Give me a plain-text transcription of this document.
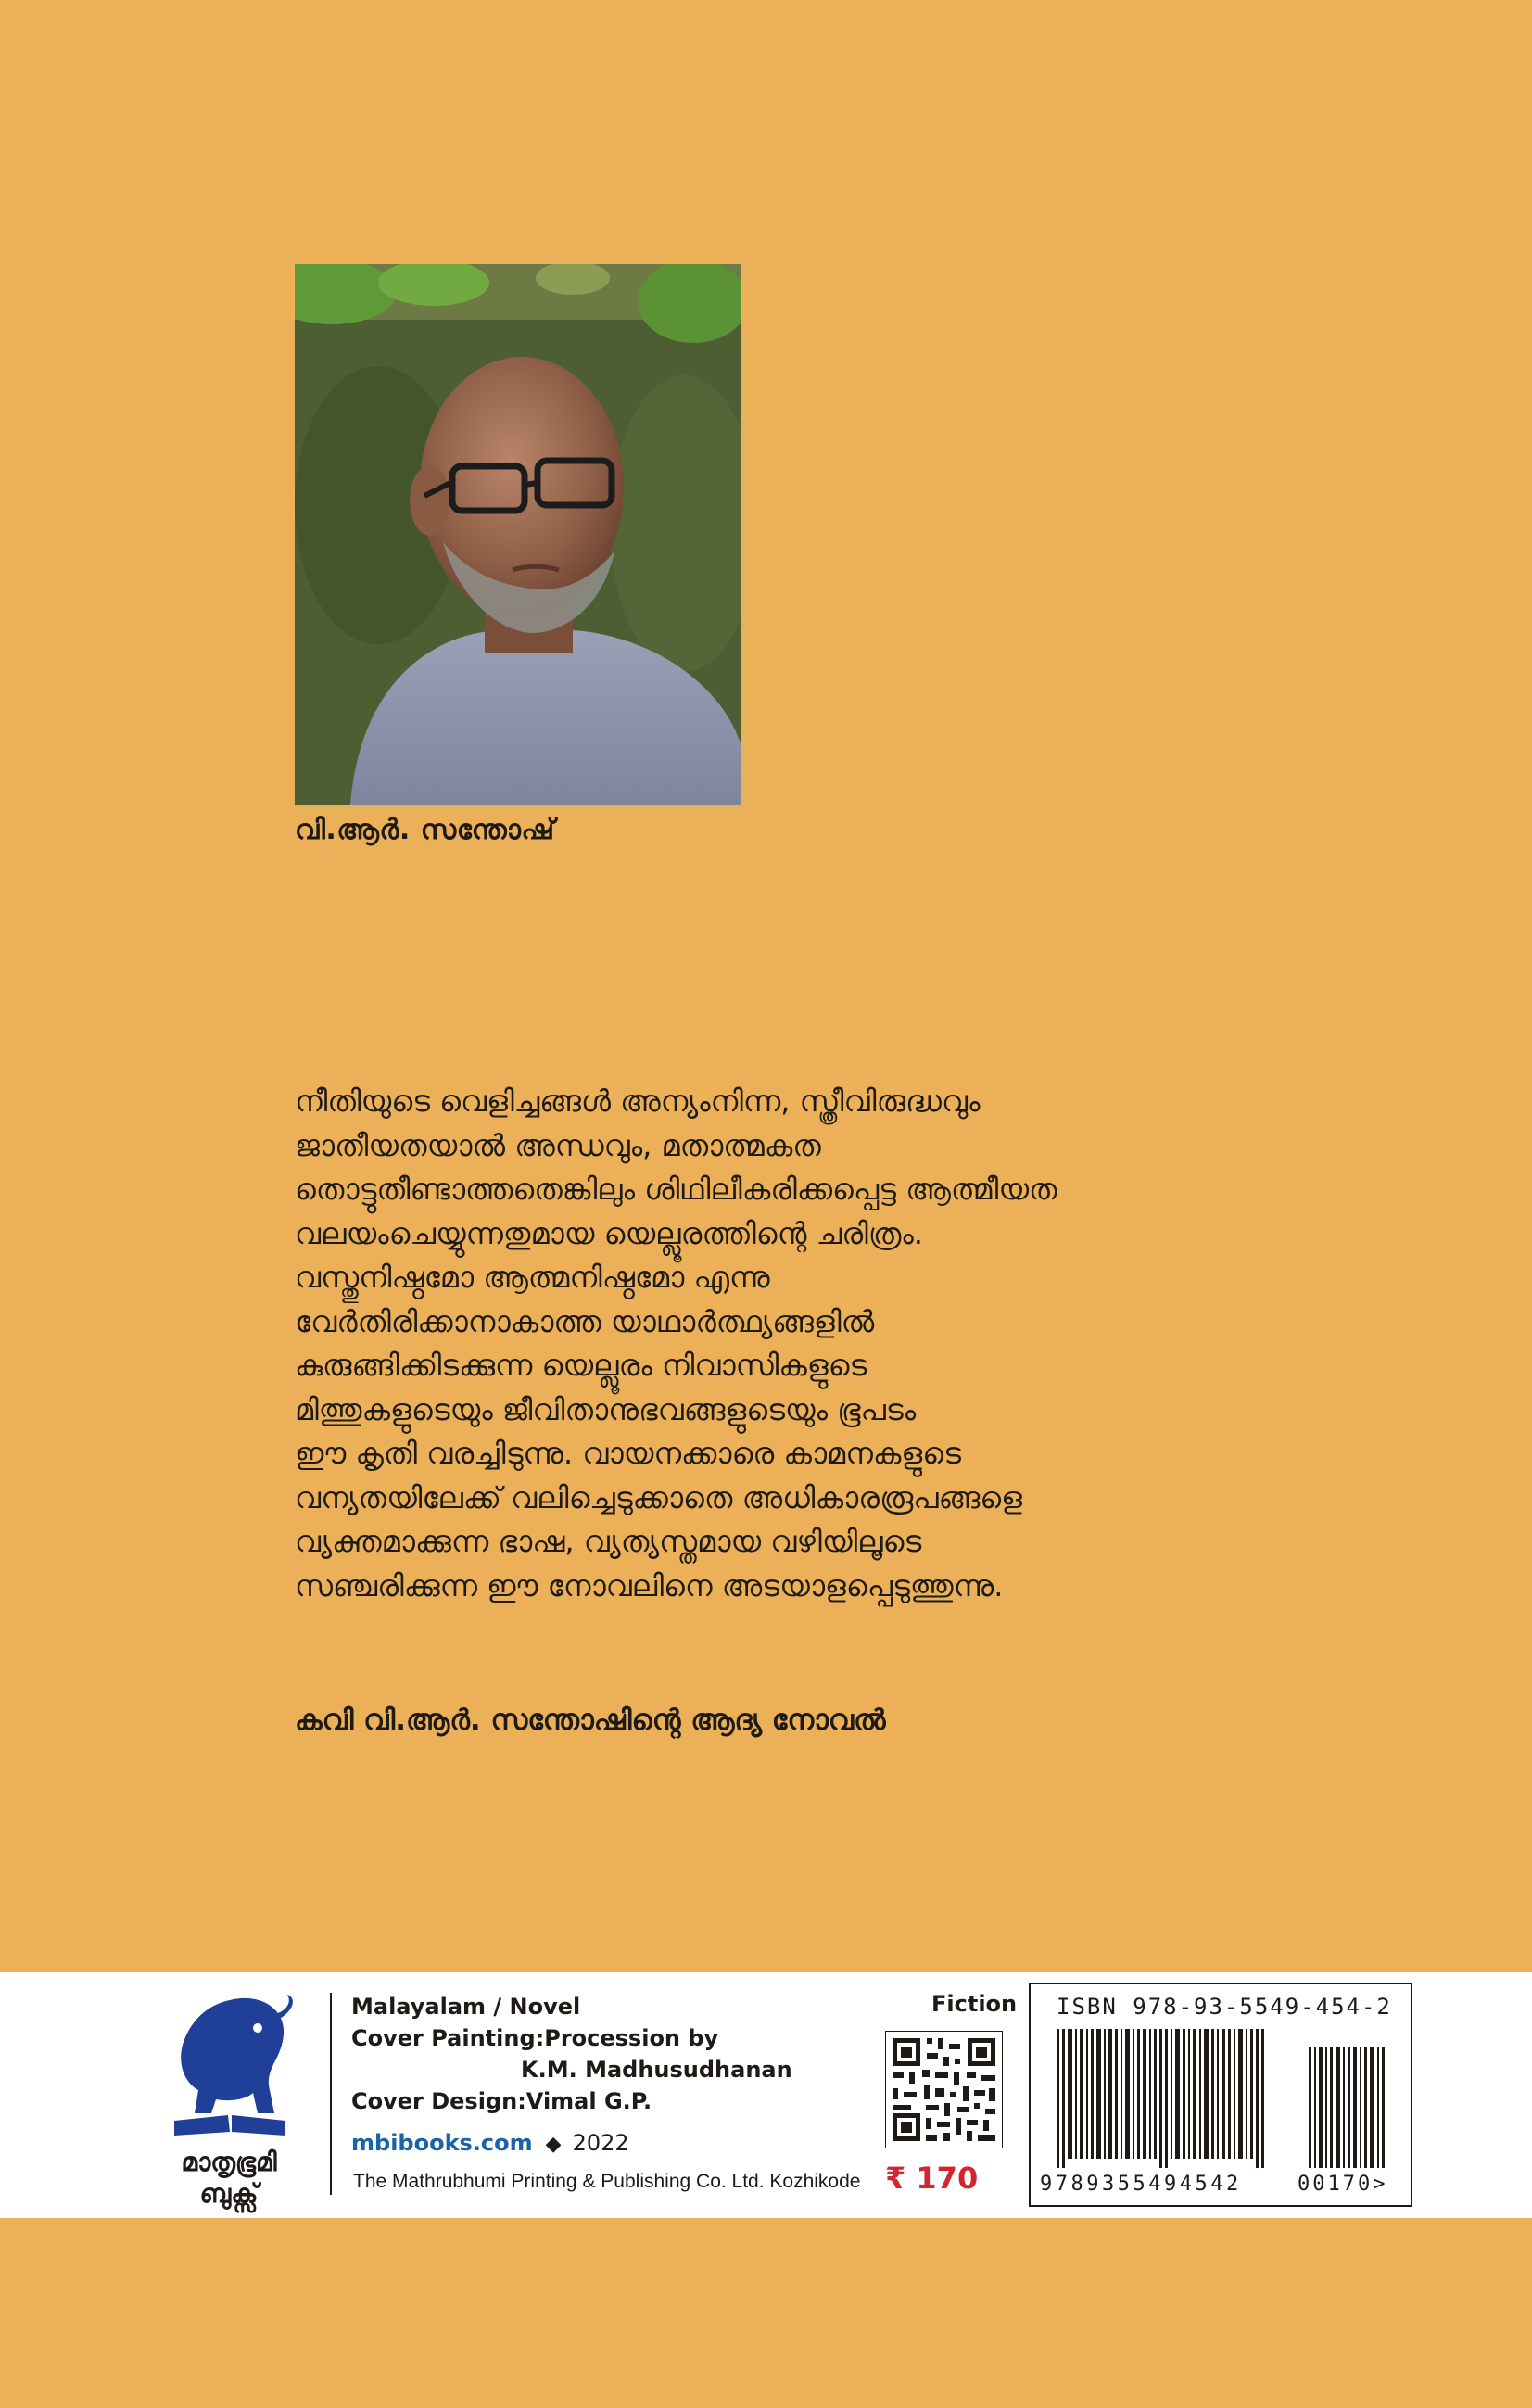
വി.ആർ. സന്തോഷ്

നീതിയുടെ വെളിച്ചങ്ങൾ അന്യംനിന്ന, സ്ത്രീവിരുദ്ധവും

ജാതീയതയാൽ അന്ധവും, മതാത്മകത

തൊട്ടുതീണ്ടാത്തതെങ്കിലും ശിഥിലീകരിക്കപ്പെട്ട ആത്മീയത

വലയംചെയ്യുന്നതുമായ യെല്ലൂരത്തിന്റെ ചരിത്രം.

വസ്തുനിഷ്ഠമോ ആത്മനിഷ്ഠമോ എന്നു

വേർതിരിക്കാനാകാത്ത യാഥാർത്ഥ്യങ്ങളിൽ

കുരുങ്ങിക്കിടക്കുന്ന യെല്ലൂരം നിവാസികളുടെ

മിത്തുകളുടെയും ജീവിതാനുഭവങ്ങളുടെയും ഭൂപടം

ഈ കൃതി വരച്ചിടുന്നു. വായനക്കാരെ കാമനകളുടെ

വന്യതയിലേക്ക് വലിച്ചെടുക്കാതെ അധികാരരൂപങ്ങളെ

വ്യക്തമാക്കുന്ന ഭാഷ, വ്യത്യസ്തമായ വഴിയിലൂടെ

സഞ്ചരിക്കുന്ന ഈ നോവലിനെ അടയാളപ്പെടുത്തുന്നു.

കവി വി.ആർ. സന്തോഷിന്റെ ആദ്യ നോവൽ
മാതൃഭൂമി
ബുക്സ്
Malayalam / Novel
Cover Painting:Procession by
K.M. Madhusudhanan
Cover Design:Vimal G.P.
mbibooks.com ◆ 2022
The Mathrubhumi Printing & Publishing Co. Ltd. Kozhikode
Fiction
₹ 170
ISBN 978-93-5549-454-2
9789355494542	00170>
